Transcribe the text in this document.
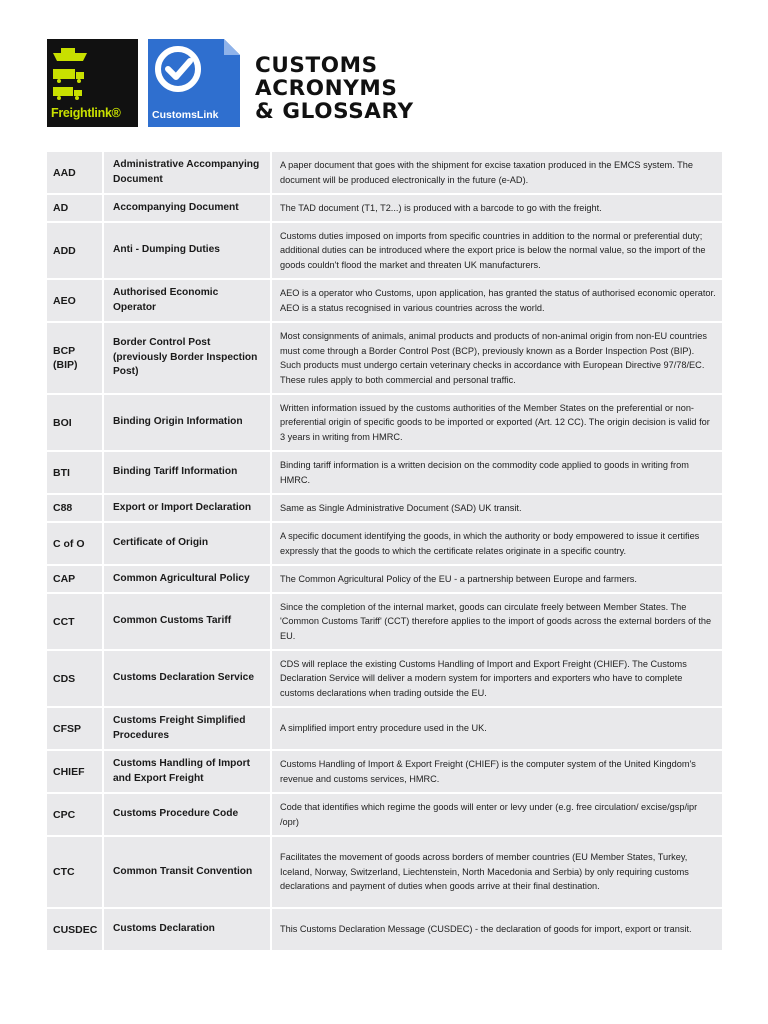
Freightlink®	CustomsLink
CUSTOMS
ACRONYMS
& GLOSSARY
AAD	Administrative Accompanying Document	A paper document that goes with the shipment for excise taxation produced in the EMCS system. The document will be produced electronically in the future (e-AD).
AD	Accompanying Document	The TAD document (T1, T2...) is produced with a barcode to go with the freight.
ADD	Anti - Dumping Duties	Customs duties imposed on imports from specific countries in addition to the normal or preferential duty; additional duties can be introduced where the export price is below the normal value, so the import of the goods couldn't flood the market and threaten UK manufacturers.
AEO	Authorised Economic Operator	AEO is a operator who Customs, upon application, has granted the status of authorised economic operator. AEO is a status recognised in various countries across the world.
BCP (BIP)	Border Control Post (previously Border Inspection Post)	Most consignments of animals, animal products and products of non-animal origin from non-EU countries must come through a Border Control Post (BCP), previously known as a Border Inspection Post (BIP). Such products must undergo certain veterinary checks in accordance with European Directive 97/78/EC. These rules apply to both commercial and personal traffic.
BOI	Binding Origin Information	Written information issued by the customs authorities of the Member States on the preferential or non-preferential origin of specific goods to be imported or exported (Art. 12 CC). The origin decision is valid for 3 years in writing from HMRC.
BTI	Binding Tariff Information	Binding tariff information is a written decision on the commodity code applied to goods in writing from HMRC.
C88	Export or Import Declaration	Same as Single Administrative Document (SAD) UK transit.
C of O	Certificate of Origin	A specific document identifying the goods, in which the authority or body empowered to issue it certifies expressly that the goods to which the certificate relates originate in a specific country.
CAP	Common Agricultural Policy	The Common Agricultural Policy of the EU - a partnership between Europe and farmers.
CCT	Common Customs Tariff	Since the completion of the internal market, goods can circulate freely between Member States. The 'Common Customs Tariff' (CCT) therefore applies to the import of goods across the external borders of the EU.
CDS	Customs Declaration Service	CDS will replace the existing Customs Handling of Import and Export Freight (CHIEF). The Customs Declaration Service will deliver a modern system for importers and exporters who have to complete customs declarations when trading outside the EU.
CFSP	Customs Freight Simplified Procedures	A simplified import entry procedure used in the UK.
CHIEF	Customs Handling of Import and Export Freight	Customs Handling of Import & Export Freight (CHIEF) is the computer system of the United Kingdom's revenue and customs services, HMRC.
CPC	Customs Procedure Code	Code that identifies which regime the goods will enter or levy under (e.g. free circulation/ excise/gsp/ipr /opr)
CTC	Common Transit Convention	Facilitates the movement of goods across borders of member countries (EU Member States, Turkey, Iceland, Norway, Switzerland, Liechtenstein, North Macedonia and Serbia) by only requiring customs declarations and payment of duties when goods arrive at their final destination.
CUSDEC	Customs Declaration	This Customs Declaration Message (CUSDEC) - the declaration of goods for import, export or transit.
